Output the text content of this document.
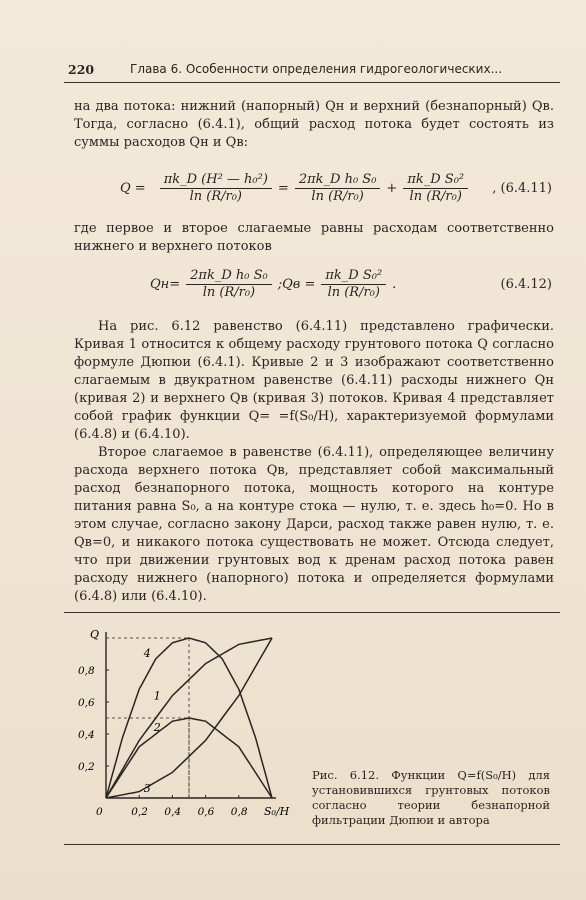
220	Глава 6. Особенности определения гидрогеологических...
на два потока: нижний (напорный) Qн и верхний (безнапорный) Qв. Тогда, согласно (6.4.1), общий расход потока будет состоять из суммы расходов Qн и Qв:
$Q = \frac{\text{πk\_D (H² — h₀²)}}{\text{ln (R/r₀)}} = \frac{\text{2πk\_D h₀ S₀}}{\text{ln (R/r₀)}} + \frac{\text{πk\_D S₀²}}{\text{ln (R/r₀)}}$ , (6.4.11)
где первое и второе слагаемые равны расходам соответственно нижнего и верхнего потоков
$Qн= \frac{\text{2πk\_D h₀ S₀}}{\text{ln (R/r₀)}}$ ; Qв = $\frac{\text{πk\_D S₀²}}{\text{ln (R/r₀)}}$ .	(6.4.12)
На рис. 6.12 равенство (6.4.11) представлено графически. Кривая 1 относится к общему расходу грунтового потока Q согласно формуле Дюпюи (6.4.1). Кривые 2 и 3 изображают соответственно слагаемым в двукратном равенстве (6.4.11) расходы нижнего Qн (кривая 2) и верхнего Qв (кривая 3) потоков. Кривая 4 представляет собой график функции Q= =f(S₀/H), характеризуемой формулами (6.4.8) и (6.4.10).
Второе слагаемое в равенстве (6.4.11), определяющее величину расхода верхнего потока Qв, представляет собой максимальный расход безнапорного потока, мощность которого на контуре питания равна S₀, а на контуре стока — нулю, т. е. здесь h₀=0. Но в этом случае, согласно закону Дарси, расход также равен нулю, т. е. Qв=0, и никакого потока существовать не может. Отсюда следует, что при движении грунтовых вод к дренам расход потока равен расходу нижнего (напорного) потока и определяется формулами (6.4.8) или (6.4.10).
Q
S₀/H
0	0,2 0,4 0,6 0,8
0,2
0,4
0,6
0,8
1
2
3
4
Рис. 6.12. Функции Q=f(S₀/H) для установившихся грунтовых потоков согласно теории безнапорной фильтрации Дюпюи и автора
